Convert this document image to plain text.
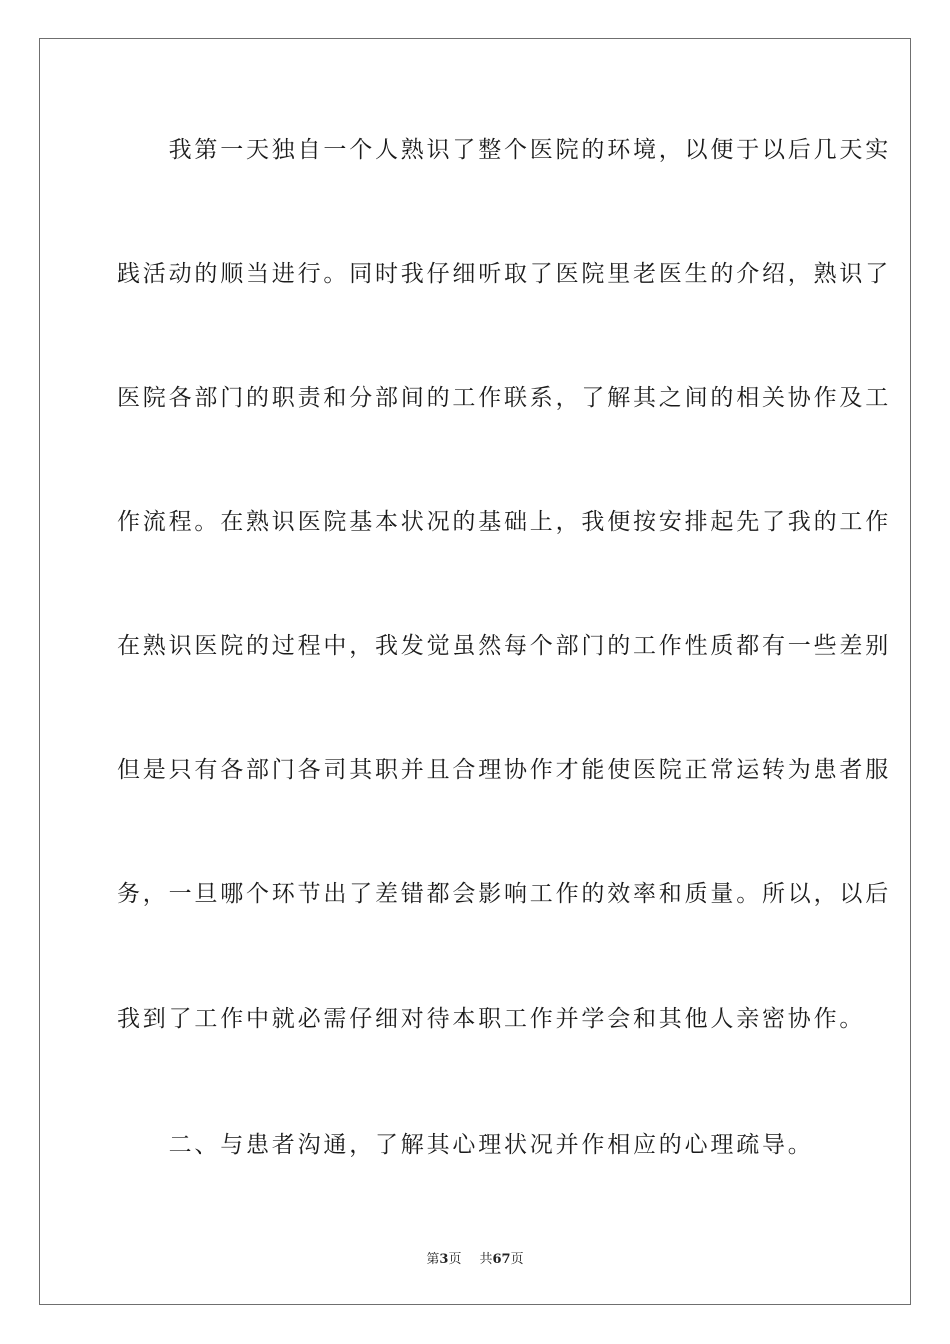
　　我第一天独自一个人熟识了整个医院的环境，以便于以后几天实

践活动的顺当进行。同时我仔细听取了医院里老医生的介绍，熟识了

医院各部门的职责和分部间的工作联系，了解其之间的相关协作及工

作流程。在熟识医院基本状况的基础上，我便按安排起先了我的工作

在熟识医院的过程中，我发觉虽然每个部门的工作性质都有一些差别

但是只有各部门各司其职并且合理协作才能使医院正常运转为患者服

务，一旦哪个环节出了差错都会影响工作的效率和质量。所以，以后

我到了工作中就必需仔细对待本职工作并学会和其他人亲密协作。

　　二、与患者沟通，了解其心理状况并作相应的心理疏导。

第3页 共67页
